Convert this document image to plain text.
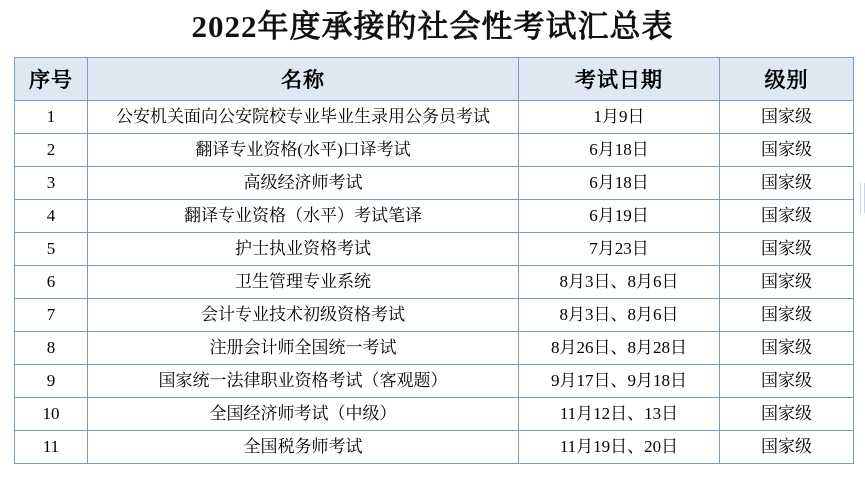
2022年度承接的社会性考试汇总表
序号	名称	考试日期	级别
1	公安机关面向公安院校专业毕业生录用公务员考试	1月9日	国家级
2	翻译专业资格(水平)口译考试	6月18日	国家级
3	高级经济师考试	6月18日	国家级
4	翻译专业资格（水平）考试笔译	6月19日	国家级
5	护士执业资格考试	7月23日	国家级
6	卫生管理专业系统	8月3日、8月6日	国家级
7	会计专业技术初级资格考试	8月3日、8月6日	国家级
8	注册会计师全国统一考试	8月26日、8月28日	国家级
9	国家统一法律职业资格考试（客观题）	9月17日、9月18日	国家级
10	全国经济师考试（中级）	11月12日、13日	国家级
11	全国税务师考试	11月19日、20日	国家级
